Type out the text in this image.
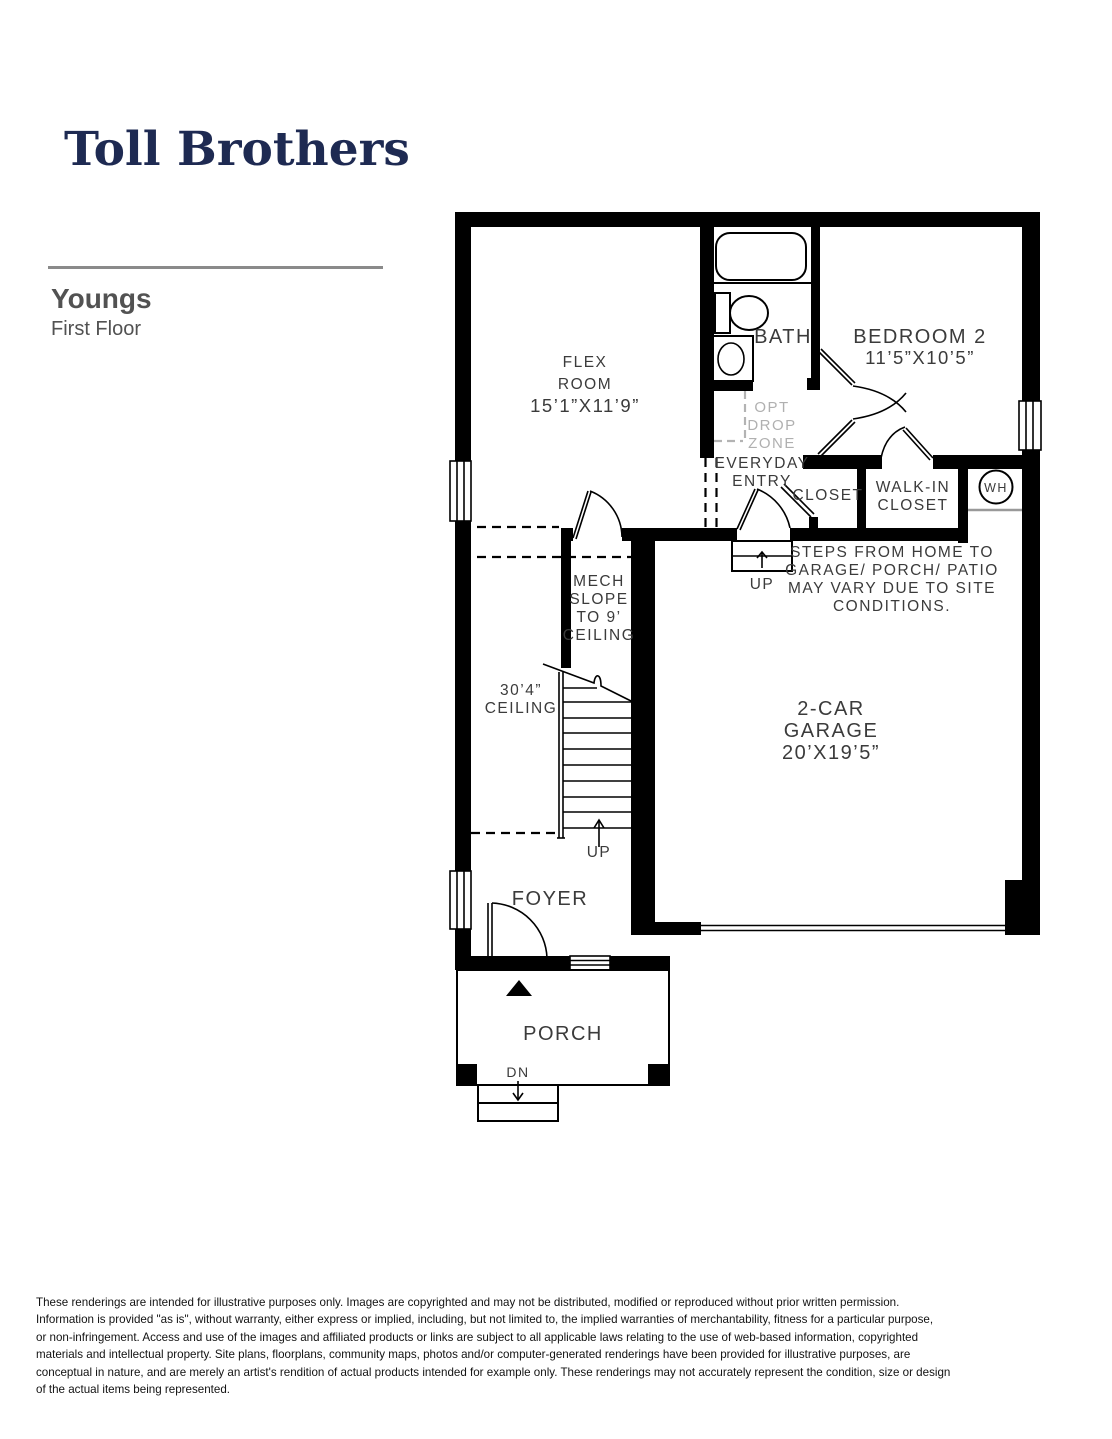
Toll Brothers
Youngs
First Floor
FLEX
ROOM
15’1”X11’9”
BATH BEDROOM 2
11’5”X10’5”
OPT
DROP
ZONE
EVERYDAY
ENTRY
CLOSET WALK-IN
CLOSET
STEPS FROM HOME TO
GARAGE/ PORCH/ PATIO
MAY VARY DUE TO SITE
CONDITIONS.
MECH
SLOPE
TO 9’
CEILING
30’4”
CEILING	2-CAR
GARAGE
20’X19’5”
FOYER
PORCH
UP
UP
DN
WH
These renderings are intended for illustrative purposes only. Images are copyrighted and may not be distributed, modified or reproduced without prior written permission.
Information is provided "as is", without warranty, either express or implied, including, but not limited to, the implied warranties of merchantability, fitness for a particular purpose,
or non-infringement. Access and use of the images and affiliated products or links are subject to all applicable laws relating to the use of web-based information, copyrighted
materials and intellectual property. Site plans, floorplans, community maps, photos and/or computer-generated renderings have been provided for illustrative purposes, are
conceptual in nature, and are merely an artist's rendition of actual products intended for example only. These renderings may not accurately represent the condition, size or design
of the actual items being represented.
